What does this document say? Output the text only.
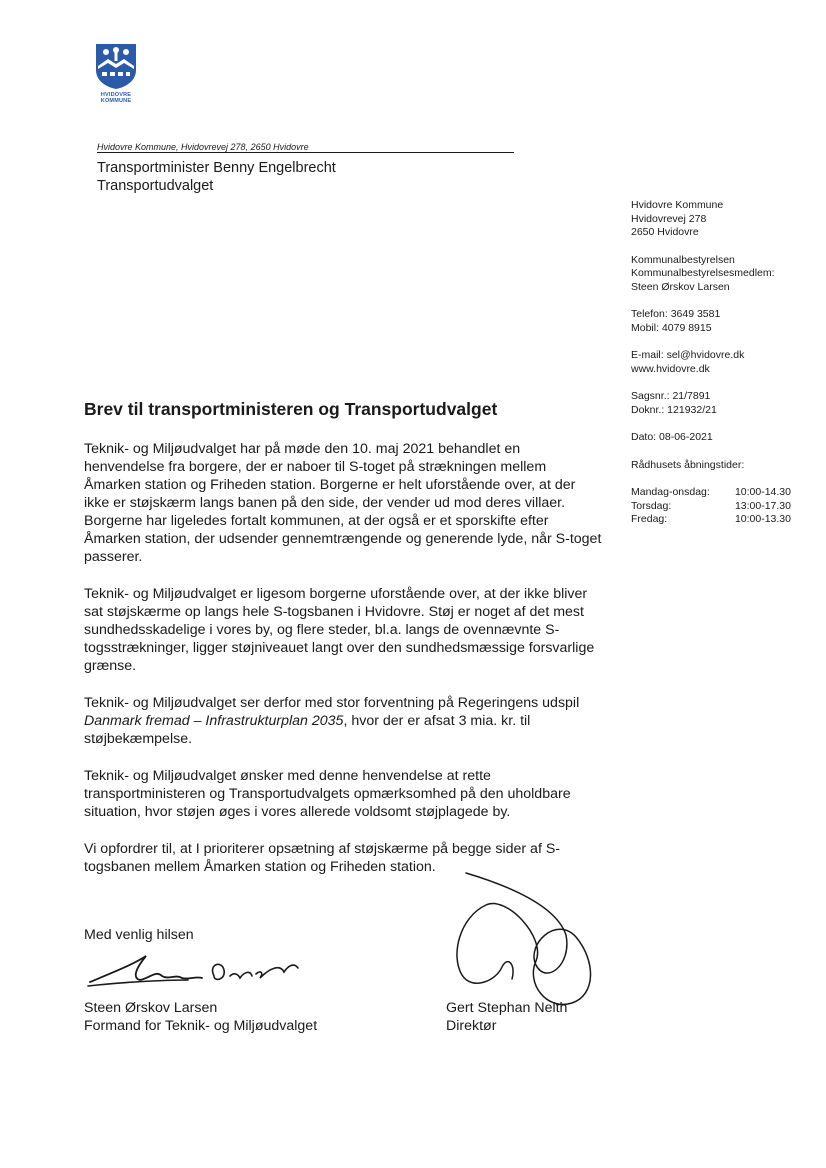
HVIDOVRE
KOMMUNE
Hvidovre Kommune, Hvidovrevej 278, 2650 Hvidovre
Transportminister Benny Engelbrecht
Transportudvalget
Hvidovre Kommune
Hvidovrevej 278
2650 Hvidovre
Kommunalbestyrelsen
Kommunalbestyrelsesmedlem:
Steen Ørskov Larsen
Telefon: 3649 3581
Mobil: 4079 8915
E-mail: sel@hvidovre.dk
www.hvidovre.dk
Sagsnr.: 21/7891
Doknr.: 121932/21
Dato: 08-06-2021
Rådhusets åbningstider:
Mandag-onsdag: 10:00-14.30
Torsdag:	13:00-17.30
Fredag:	10:00-13.30
Brev til transportministeren og Transportudvalget

Teknik- og Miljøudvalget har på møde den 10. maj 2021 behandlet en henvendelse fra borgere, der er naboer til S-toget på strækningen mellem Åmarken station og Friheden station. Borgerne er helt uforstående over, at der ikke er støjskærm langs banen på den side, der vender ud mod deres villaer. Borgerne har ligeledes fortalt kommunen, at der også er et sporskifte efter Åmarken station, der udsender gennemtrængende og generende lyde, når S-toget passerer.

Teknik- og Miljøudvalget er ligesom borgerne uforstående over, at der ikke bliver sat støjskærme op langs hele S-togsbanen i Hvidovre. Støj er noget af det mest sundhedsskadelige i vores by, og flere steder, bl.a. langs de ovennævnte S-togsstrækninger, ligger støjniveauet langt over den sundhedsmæssige forsvarlige grænse.

Teknik- og Miljøudvalget ser derfor med stor forventning på Regeringens udspil Danmark fremad – Infrastrukturplan 2035, hvor der er afsat 3 mia. kr. til støjbekæmpelse.

Teknik- og Miljøudvalget ønsker med denne henvendelse at rette transportministeren og Transportudvalgets opmærksomhed på den uholdbare situation, hvor støjen øges i vores allerede voldsomt støjplagede by.

Vi opfordrer til, at I prioriterer opsætning af støjskærme på begge sider af S-togsbanen mellem Åmarken station og Friheden station.

Med venlig hilsen
Steen Ørskov Larsen
Formand for Teknik- og Miljøudvalget
Gert Stephan Nelth
Direktør
